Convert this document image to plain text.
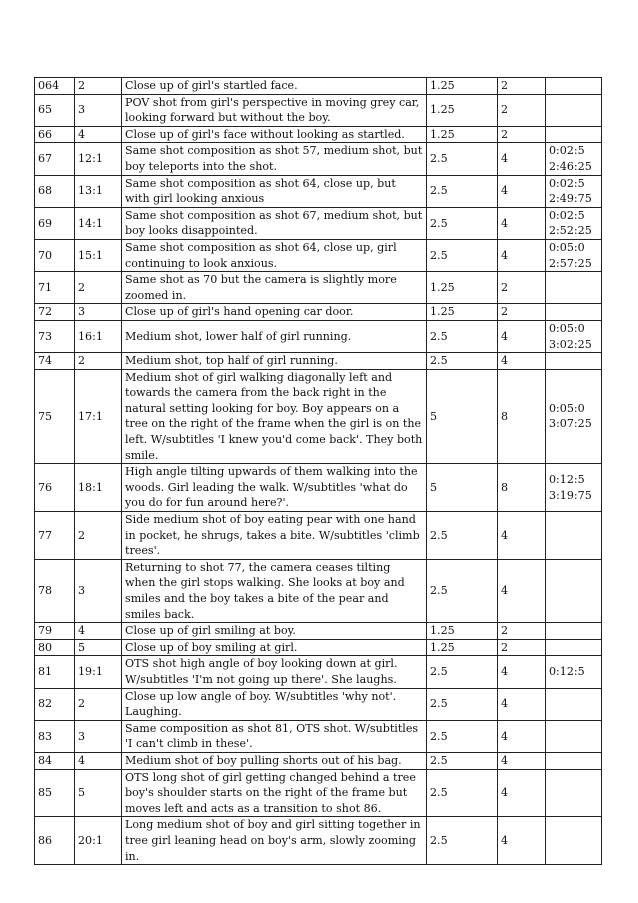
064	2	Close up of girl's startled face.	1.25	2	
65	3	POV shot from girl's perspective in moving grey car, looking forward but without the boy.	1.25	2	
66	4	Close up of girl's face without looking as startled.	1.25	2	
67	12:1	Same shot composition as shot 57, medium shot, but boy teleports into the shot.	2.5	4	0:02:5 2:46:25
68	13:1	Same shot composition as shot 64, close up, but with girl looking anxious	2.5	4	0:02:5 2:49:75
69	14:1	Same shot composition as shot 67, medium shot, but boy looks disappointed.	2.5	4	0:02:5 2:52:25
70	15:1	Same shot composition as shot 64, close up, girl continuing to look anxious.	2.5	4	0:05:0 2:57:25
71	2	Same shot as 70 but the camera is slightly more zoomed in.	1.25	2	
72	3	Close up of girl's hand opening car door.	1.25	2	
73	16:1	Medium shot, lower half of girl running.	2.5	4	0:05:0 3:02:25
74	2	Medium shot, top half of girl running.	2.5	4	
75	17:1	Medium shot of girl walking diagonally left and towards the camera from the back right in the natural setting looking for boy. Boy appears on a tree on the right of the frame when the girl is on the left. W/subtitles 'I knew you'd come back'. They both smile.	5	8	0:05:0 3:07:25
76	18:1	High angle tilting upwards of them walking into the woods. Girl leading the walk. W/subtitles 'what do you do for fun around here?'.	5	8	0:12:5 3:19:75
77	2	Side medium shot of boy eating pear with one hand in pocket, he shrugs, takes a bite. W/subtitles 'climb trees'.	2.5	4	
78	3	Returning to shot 77, the camera ceases tilting when the girl stops walking. She looks at boy and smiles and the boy takes a bite of the pear and smiles back.	2.5	4	
79	4	Close up of girl smiling at boy.	1.25	2	
80	5	Close up of boy smiling at girl.	1.25	2	
81	19:1	OTS shot high angle of boy looking down at girl. W/subtitles 'I'm not going up there'. She laughs.	2.5	4	0:12:5
82	2	Close up low angle of boy. W/subtitles 'why not'. Laughing.	2.5	4	
83	3	Same composition as shot 81, OTS shot. W/subtitles 'I can't climb in these'.	2.5	4	
84	4	Medium shot of boy pulling shorts out of his bag.	2.5	4	
85	5	OTS long shot of girl getting changed behind a tree boy's shoulder starts on the right of the frame but moves left and acts as a transition to shot 86.	2.5	4	
86	20:1	Long medium shot of boy and girl sitting together in tree girl leaning head on boy's arm, slowly zooming in.	2.5	4	
